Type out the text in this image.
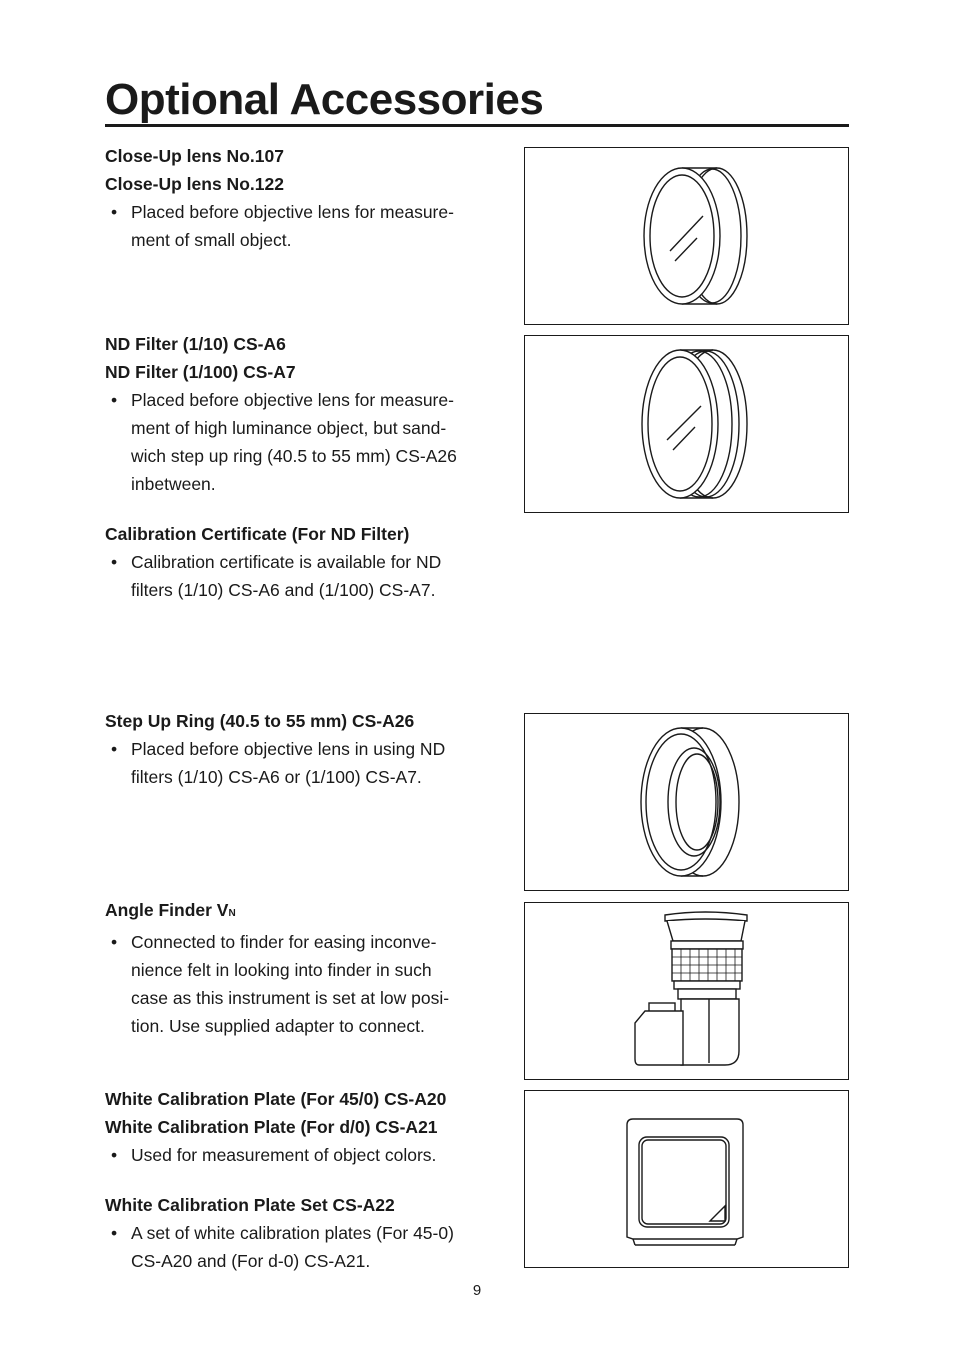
Optional Accessories

Close-Up lens No.107

Close-Up lens No.122

• Placed before objective lens for measure-
ment of small object.

ND Filter (1/10) CS-A6

ND Filter (1/100) CS-A7

• Placed before objective lens for measure-
ment of high luminance object, but sand-
wich step up ring (40.5 to 55 mm) CS-A26
inbetween.

Calibration Certificate (For ND Filter)

• Calibration certificate is available for ND
filters (1/10) CS-A6 and (1/100) CS-A7.

Step Up Ring (40.5 to 55 mm) CS-A26

• Placed before objective lens in using ND
filters (1/10) CS-A6 or (1/100) CS-A7.

Angle Finder VN

• Connected to finder for easing inconve-
nience felt in looking into finder in such
case as this instrument is set at low posi-
tion. Use supplied adapter to connect.

White Calibration Plate (For 45/0) CS-A20

White Calibration Plate (For d/0) CS-A21

• Used for measurement of object colors.

White Calibration Plate Set CS-A22

• A set of white calibration plates (For 45-0)
CS-A20 and (For d-0) CS-A21.

9
